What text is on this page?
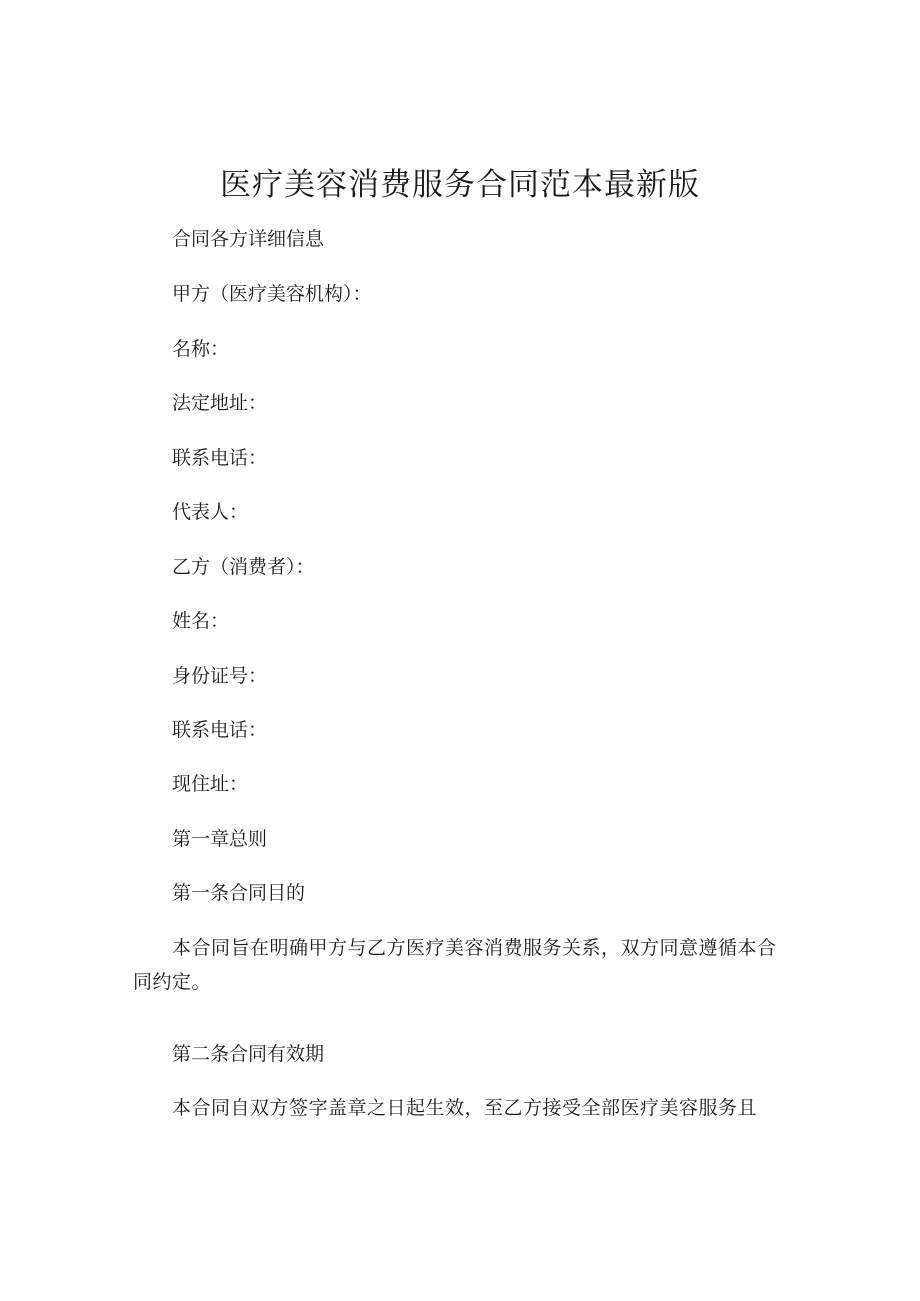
医疗美容消费服务合同范本最新版

合同各方详细信息

甲方（医疗美容机构）：

名称：

法定地址：

联系电话：

代表人：

乙方（消费者）：

姓名：

身份证号：

联系电话：

现住址：

第一章总则

第一条合同目的

本合同旨在明确甲方与乙方医疗美容消费服务关系，双方同意遵循本合同约定。

第二条合同有效期

本合同自双方签字盖章之日起生效，至乙方接受全部医疗美容服务且
